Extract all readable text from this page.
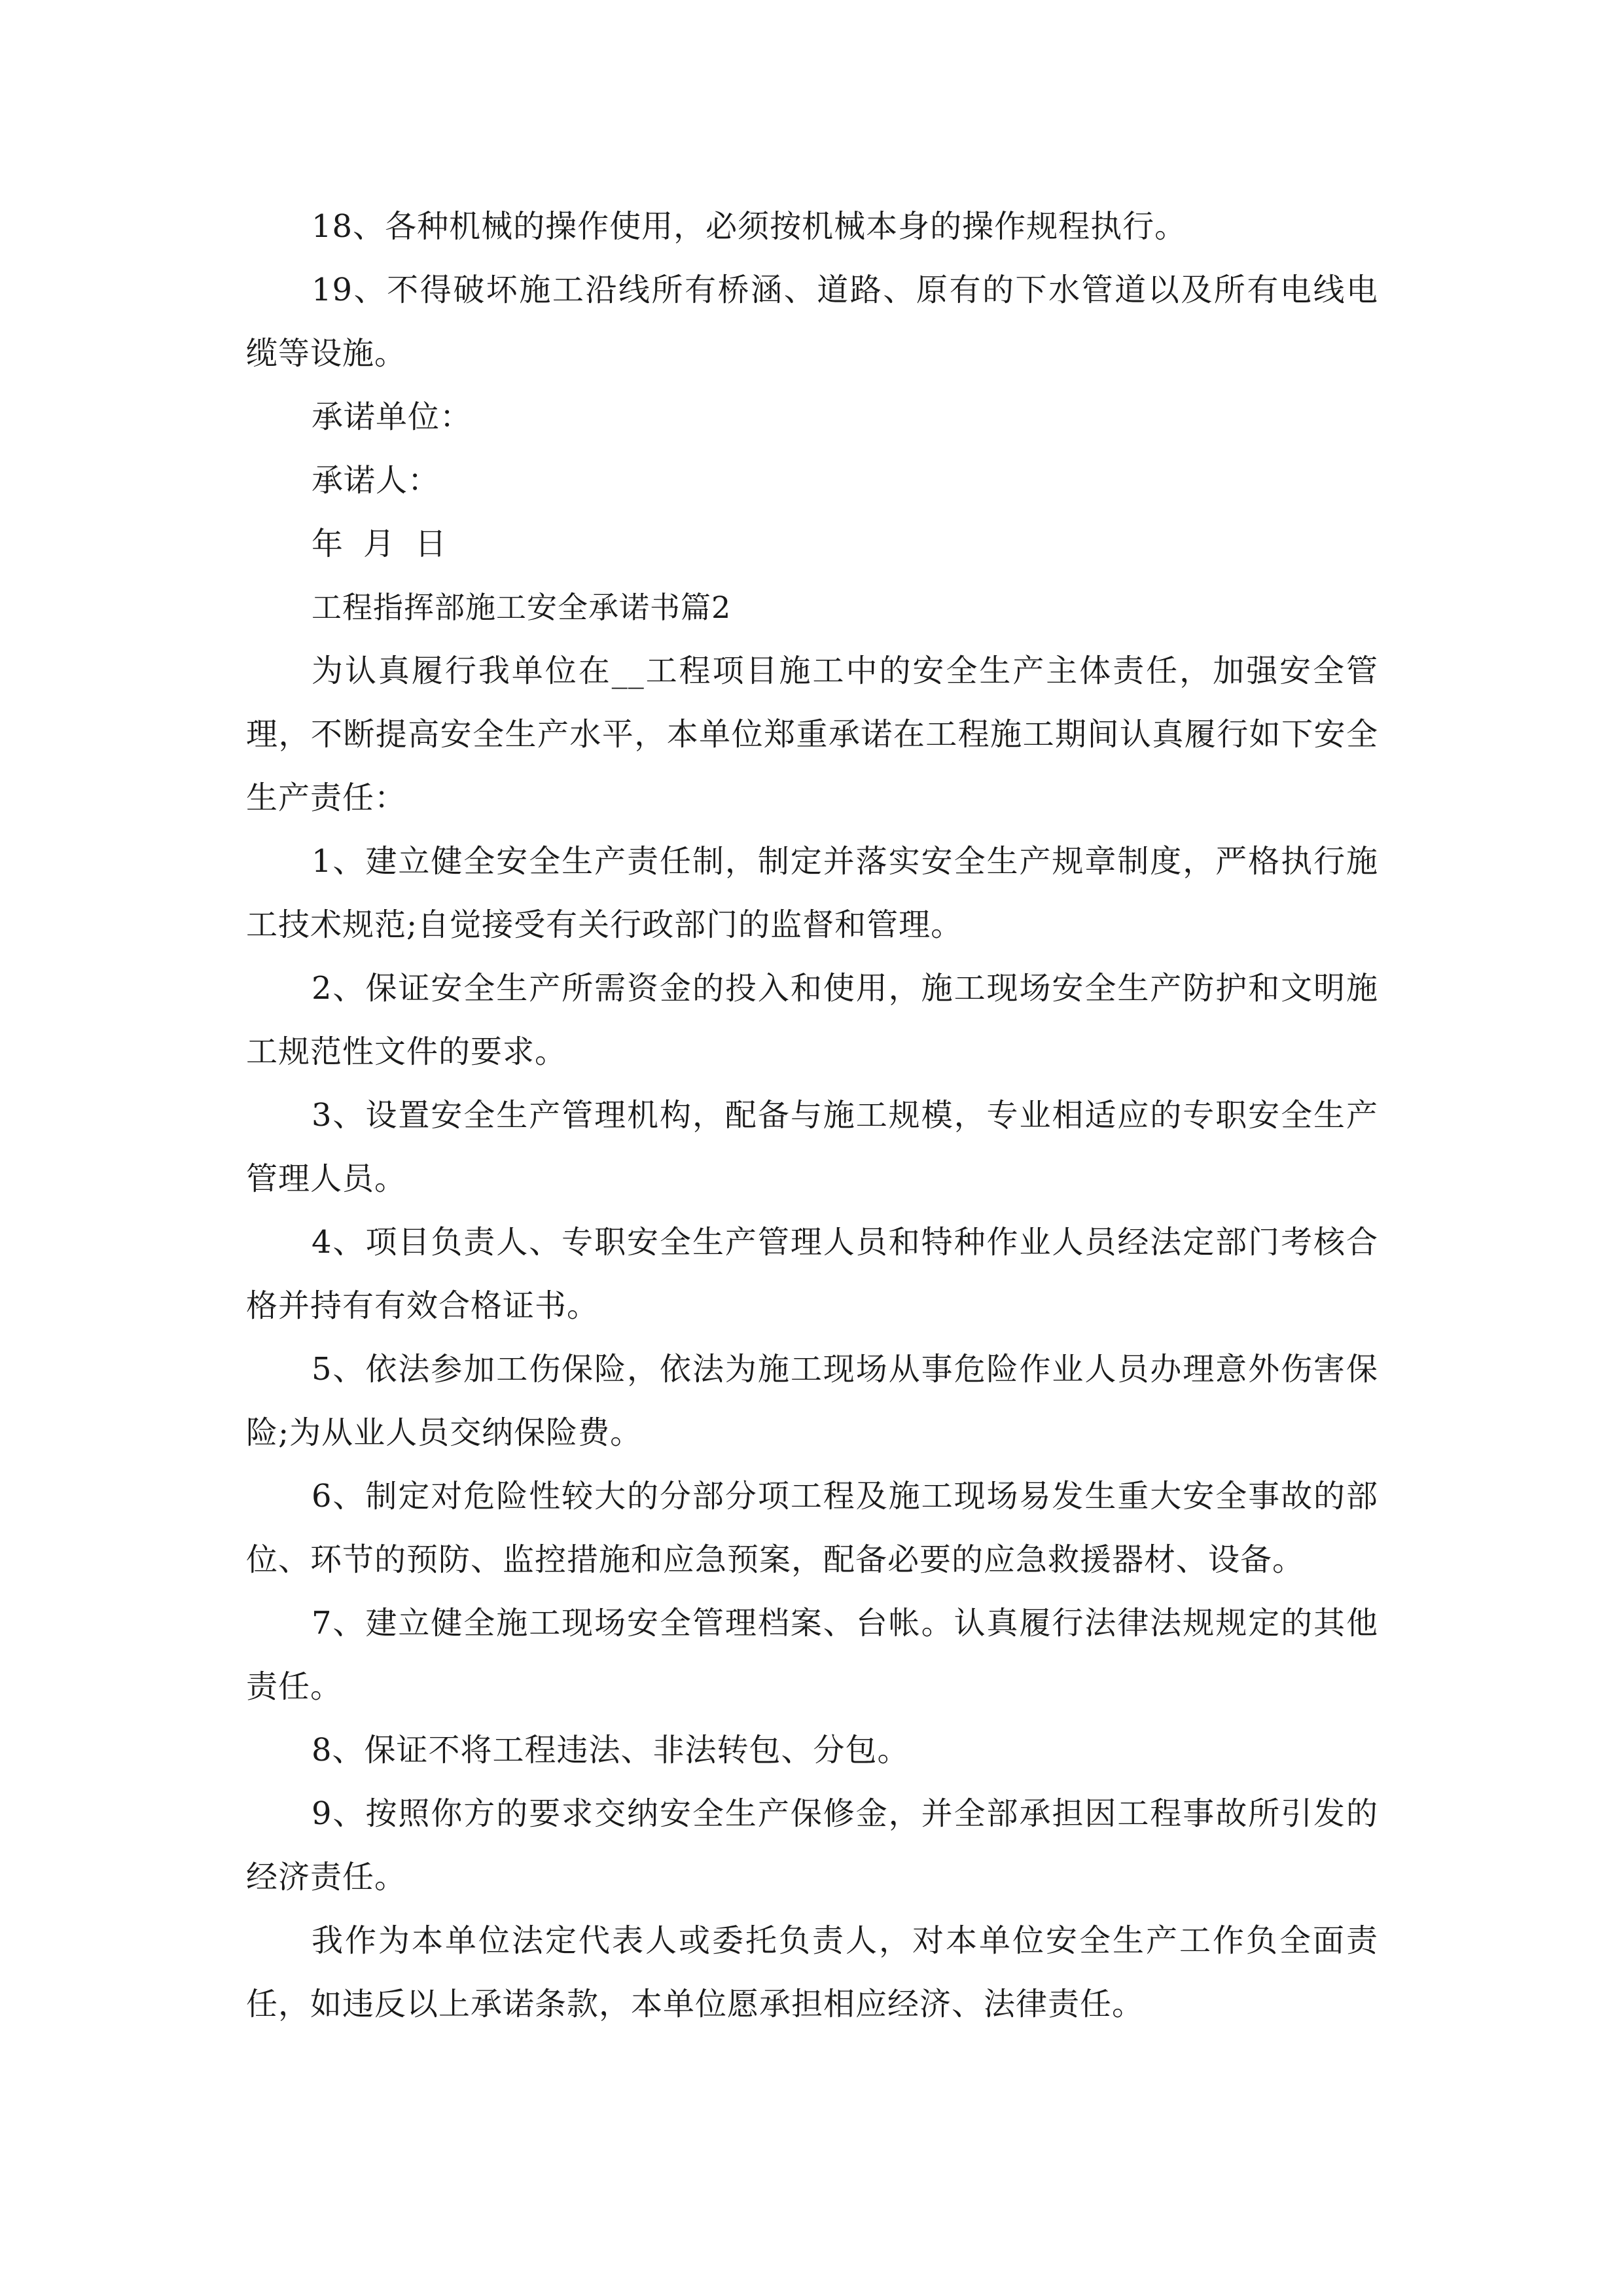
18、各种机械的操作使用，必须按机械本身的操作规程执行。

19、不得破坏施工沿线所有桥涵、道路、原有的下水管道以及所有电线电缆等设施。

承诺单位：

承诺人：

年 月 日

工程指挥部施工安全承诺书篇2

为认真履行我单位在__工程项目施工中的安全生产主体责任，加强安全管理，不断提高安全生产水平，本单位郑重承诺在工程施工期间认真履行如下安全生产责任：

1、建立健全安全生产责任制，制定并落实安全生产规章制度，严格执行施工技术规范;自觉接受有关行政部门的监督和管理。

2、保证安全生产所需资金的投入和使用，施工现场安全生产防护和文明施工规范性文件的要求。

3、设置安全生产管理机构，配备与施工规模，专业相适应的专职安全生产管理人员。

4、项目负责人、专职安全生产管理人员和特种作业人员经法定部门考核合格并持有有效合格证书。

5、依法参加工伤保险，依法为施工现场从事危险作业人员办理意外伤害保险;为从业人员交纳保险费。

6、制定对危险性较大的分部分项工程及施工现场易发生重大安全事故的部位、环节的预防、监控措施和应急预案，配备必要的应急救援器材、设备。

7、建立健全施工现场安全管理档案、台帐。认真履行法律法规规定的其他责任。

8、保证不将工程违法、非法转包、分包。

9、按照你方的要求交纳安全生产保修金，并全部承担因工程事故所引发的经济责任。

我作为本单位法定代表人或委托负责人，对本单位安全生产工作负全面责任，如违反以上承诺条款，本单位愿承担相应经济、法律责任。
